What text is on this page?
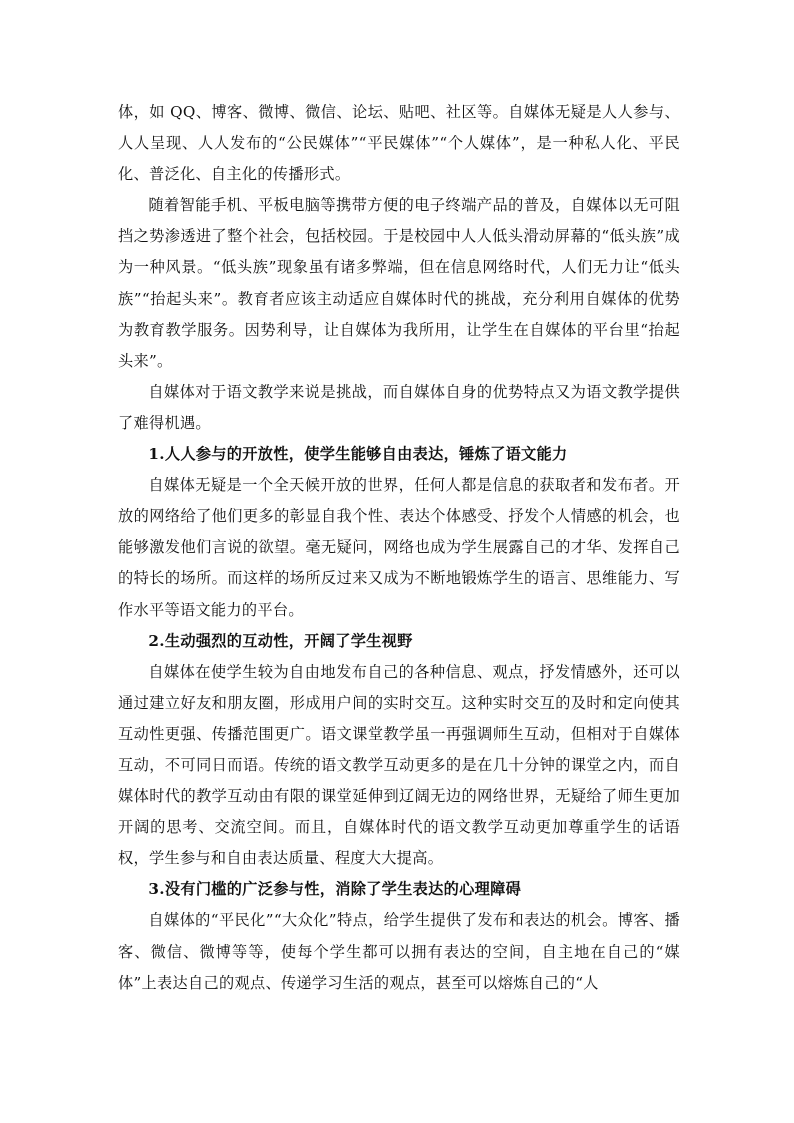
体，如 QQ、博客、微博、微信、论坛、贴吧、社区等。自媒体无疑是人人参与、人人呈现、人人发布的“公民媒体”“平民媒体”“个人媒体”，是一种私人化、平民化、普泛化、自主化的传播形式。

随着智能手机、平板电脑等携带方便的电子终端产品的普及，自媒体以无可阻挡之势渗透进了整个社会，包括校园。于是校园中人人低头滑动屏幕的“低头族”成为一种风景。“低头族”现象虽有诸多弊端，但在信息网络时代，人们无力让“低头族”“抬起头来”。教育者应该主动适应自媒体时代的挑战，充分利用自媒体的优势为教育教学服务。因势利导，让自媒体为我所用，让学生在自媒体的平台里“抬起头来”。

自媒体对于语文教学来说是挑战，而自媒体自身的优势特点又为语文教学提供了难得机遇。

1.人人参与的开放性，使学生能够自由表达，锤炼了语文能力

自媒体无疑是一个全天候开放的世界，任何人都是信息的获取者和发布者。开放的网络给了他们更多的彰显自我个性、表达个体感受、抒发个人情感的机会，也能够激发他们言说的欲望。毫无疑问，网络也成为学生展露自己的才华、发挥自己的特长的场所。而这样的场所反过来又成为不断地锻炼学生的语言、思维能力、写作水平等语文能力的平台。

2.生动强烈的互动性，开阔了学生视野

自媒体在使学生较为自由地发布自己的各种信息、观点，抒发情感外，还可以通过建立好友和朋友圈，形成用户间的实时交互。这种实时交互的及时和定向使其互动性更强、传播范围更广。语文课堂教学虽一再强调师生互动，但相对于自媒体互动，不可同日而语。传统的语文教学互动更多的是在几十分钟的课堂之内，而自媒体时代的教学互动由有限的课堂延伸到辽阔无边的网络世界，无疑给了师生更加开阔的思考、交流空间。而且，自媒体时代的语文教学互动更加尊重学生的话语权，学生参与和自由表达质量、程度大大提高。

3.没有门槛的广泛参与性，消除了学生表达的心理障碍

自媒体的“平民化”“大众化”特点，给学生提供了发布和表达的机会。博客、播客、微信、微博等等，使每个学生都可以拥有表达的空间，自主地在自己的“媒体”上表达自己的观点、传递学习生活的观点，甚至可以熔炼自己的“人
